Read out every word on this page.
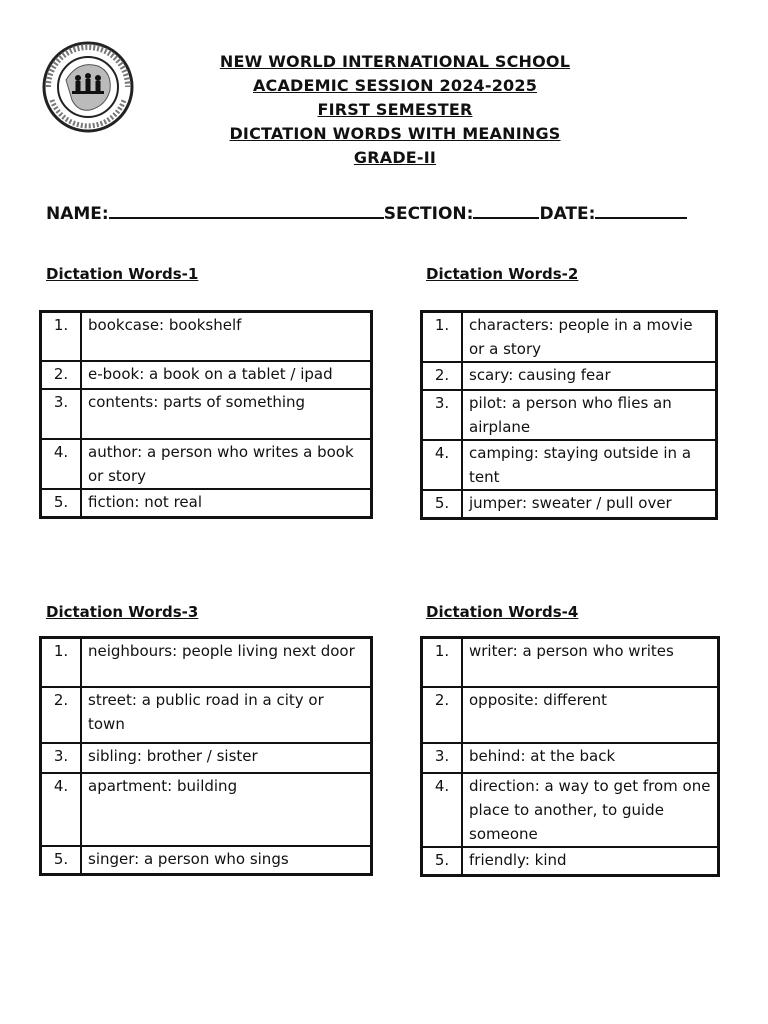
NEW WORLD INTERNATIONAL SCHOOL
ACADEMIC SESSION 2024-2025
FIRST SEMESTER
DICTATION WORDS WITH MEANINGS
GRADE-II
NAME:	SECTION:	DATE:
Dictation Words-1
1.	bookcase: bookshelf
2.	e-book: a book on a tablet / ipad
3.	contents: parts of something
4.	author: a person who writes a book or story
5.	fiction: not real
Dictation Words-2
1.	characters: people in a movie or a story
2.	scary: causing fear
3.	pilot: a person who flies an airplane
4.	camping: staying outside in a tent
5.	jumper: sweater / pull over
Dictation Words-3
1.	neighbours: people living next door
2.	street: a public road in a city or town
3.	sibling: brother / sister
4.	apartment: building
5.	singer: a person who sings
Dictation Words-4
1.	writer: a person who writes
2.	opposite: different
3.	behind: at the back
4.	direction: a way to get from one place to another, to guide someone
5.	friendly: kind
